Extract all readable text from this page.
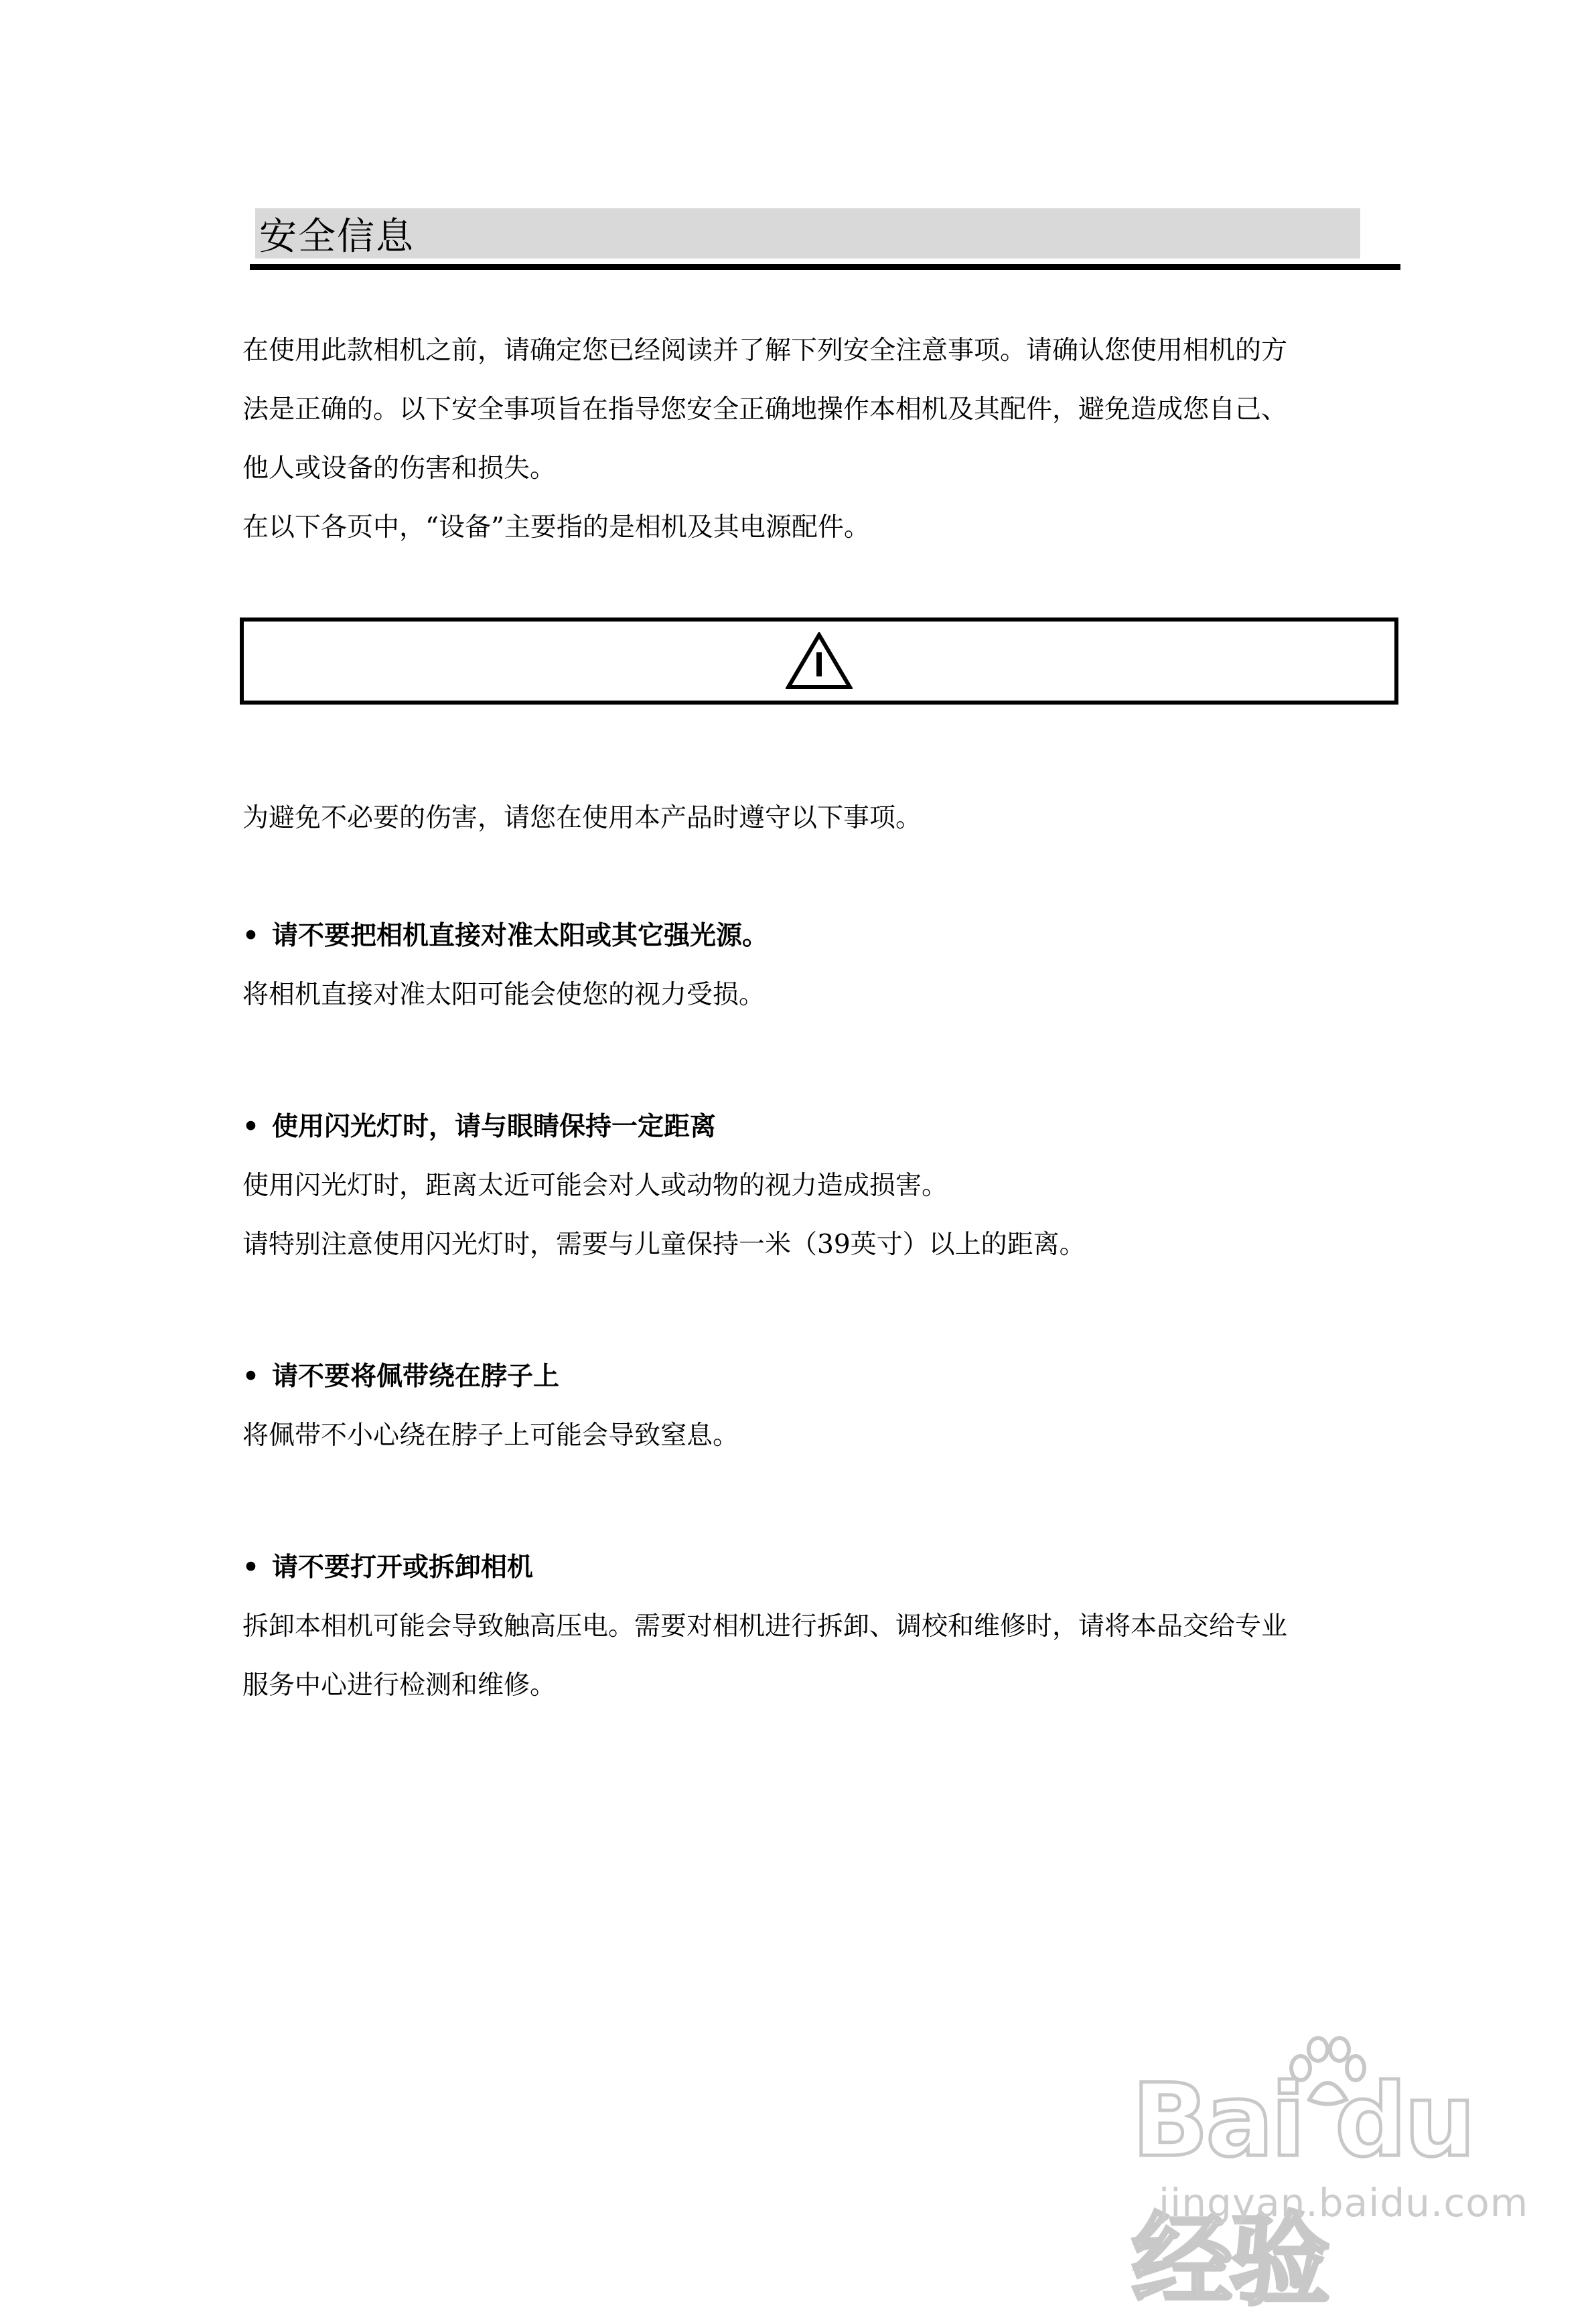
安全信息

在使用此款相机之前，请确定您已经阅读并了解下列安全注意事项。请确认您使用相机的方

法是正确的。以下安全事项旨在指导您安全正确地操作本相机及其配件，避免造成您自己、

他人或设备的伤害和损失。

在以下各页中，“设备”主要指的是相机及其电源配件。

为避免不必要的伤害，请您在使用本产品时遵守以下事项。

• 请不要把相机直接对准太阳或其它强光源。

将相机直接对准太阳可能会使您的视力受损。

• 使用闪光灯时，请与眼睛保持一定距离

使用闪光灯时，距离太近可能会对人或动物的视力造成损害。

请特别注意使用闪光灯时，需要与儿童保持一米（39英寸）以上的距离。

• 请不要将佩带绕在脖子上

将佩带不小心绕在脖子上可能会导致窒息。

• 请不要打开或拆卸相机

拆卸本相机可能会导致触高压电。需要对相机进行拆卸、调校和维修时，请将本品交给专业

服务中心进行检测和维修。

Bai du 经验
jingyan.baidu.com
